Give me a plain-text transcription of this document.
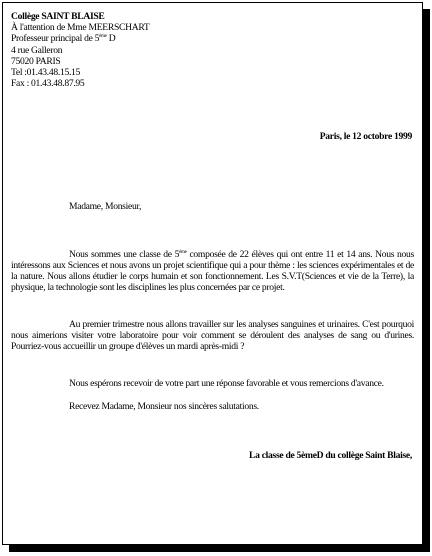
Collège SAINT BLAISE
À l'attention de Mme MEERSCHART
Professeur principal de 5ème D
4 rue Galleron
75020 PARIS
Tel :01.43.48.15.15
Fax : 01.43.48.87.95
Paris, le 12 octobre 1999
Madame, Monsieur,
Nous sommes une classe de 5ème composée de 22 élèves qui ont entre 11 et 14 ans. Nous nous intéressons aux Sciences et nous avons un projet scientifique qui a pour thème : les sciences expérimentales et de la nature. Nous allons étudier le corps humain et son fonctionnement. Les S.V.T(Sciences et vie de la Terre), la physique, la technologie sont les disciplines les plus concernées par ce projet.
Au premier trimestre nous allons travailler sur les analyses sanguines et urinaires. C'est pourquoi nous aimerions visiter votre laboratoire pour voir comment se déroulent des analyses de sang ou d'urines. Pourriez-vous accueillir un groupe d'élèves un mardi après-midi ?
Nous espérons recevoir de votre part une réponse favorable et vous remercions d'avance.
Recevez Madame, Monsieur nos sincères salutations.
La classe de 5èmeD du collège Saint Blaise,
